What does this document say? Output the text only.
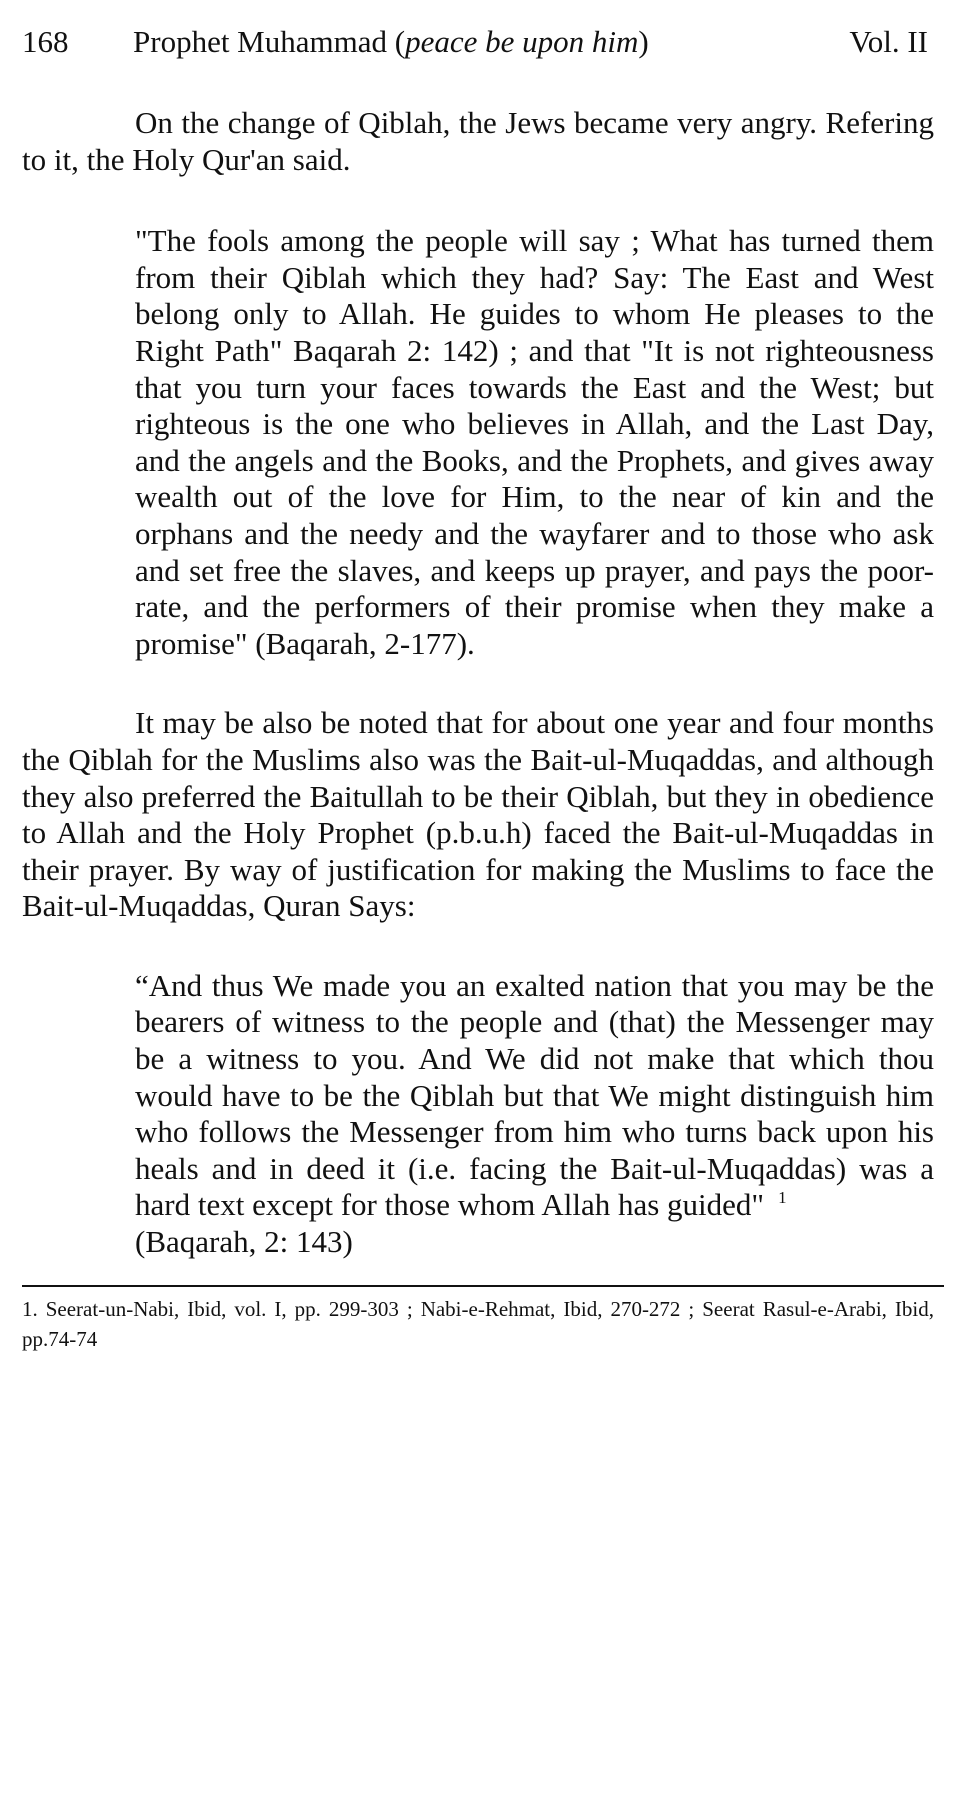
168 Prophet Muhammad (peace be upon him)	Vol. II

On the change of Qiblah, the Jews became very angry. Refering to it, the Holy Qur'an said.

"The fools among the people will say ; What has turned them from their Qiblah which they had? Say: The East and West belong only to Allah. He guides to whom He pleases to the Right Path" Baqarah 2: 142) ; and that "It is not righteousness that you turn your faces towards the East and the West; but righteous is the one who believes in Allah, and the Last Day, and the angels and the Books, and the Prophets, and gives away wealth out of the love for Him, to the near of kin and the orphans and the needy and the wayfarer and to those who ask and set free the slaves, and keeps up prayer, and pays the poor-rate, and the performers of their promise when they make a promise" (Baqarah, 2-177).

It may be also be noted that for about one year and four months the Qiblah for the Muslims also was the Bait-ul-Muqaddas, and although they also preferred the Baitullah to be their Qiblah, but they in obedience to Allah and the Holy Prophet (p.b.u.h) faced the Bait-ul-Muqaddas in their prayer. By way of justification for making the Muslims to face the Bait-ul-Muqaddas, Quran Says:

“And thus We made you an exalted nation that you may be the bearers of witness to the people and (that) the Messenger may be a witness to you. And We did not make that which thou would have to be the Qiblah but that We might distinguish him who follows the Messenger from him who turns back upon his heals and in deed it (i.e. facing the Bait-ul-Muqaddas) was a hard text except for those whom Allah has guided" $^1$
(Baqarah, 2: 143)

1. Seerat-un-Nabi, Ibid, vol. I, pp. 299-303 ; Nabi-e-Rehmat, Ibid, 270-272 ; Seerat Rasul-e-Arabi, Ibid, pp.74-74
